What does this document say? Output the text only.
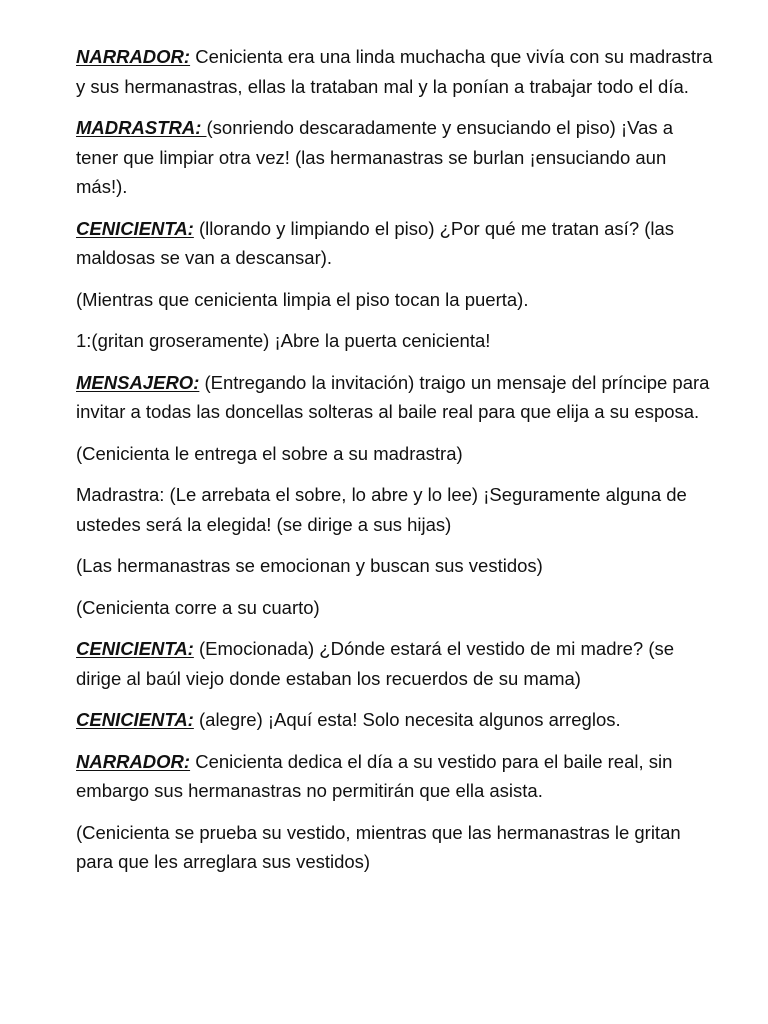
NARRADOR: Cenicienta era una linda muchacha que vivía con su madrastra y sus hermanastras, ellas la trataban mal y la ponían a trabajar todo el día.

MADRASTRA: (sonriendo descaradamente y ensuciando el piso) ¡Vas a tener que limpiar otra vez! (las hermanastras se burlan ¡ensuciando aun más!).

CENICIENTA: (llorando y limpiando el piso) ¿Por qué me tratan así? (las maldosas se van a descansar).

(Mientras que cenicienta limpia el piso tocan la puerta).

1:(gritan groseramente) ¡Abre la puerta cenicienta!

MENSAJERO: (Entregando la invitación) traigo un mensaje del príncipe para invitar a todas las doncellas solteras al baile real para que elija a su esposa.

(Cenicienta le entrega el sobre a su madrastra)

Madrastra: (Le arrebata el sobre, lo abre y lo lee) ¡Seguramente alguna de ustedes será la elegida! (se dirige a sus hijas)

(Las hermanastras se emocionan y buscan sus vestidos)

(Cenicienta corre a su cuarto)

CENICIENTA: (Emocionada) ¿Dónde estará el vestido de mi madre? (se dirige al baúl viejo donde estaban los recuerdos de su mama)

CENICIENTA: (alegre) ¡Aquí esta! Solo necesita algunos arreglos.

NARRADOR: Cenicienta dedica el día a su vestido para el baile real, sin embargo sus hermanastras no permitirán que ella asista.

(Cenicienta se prueba su vestido, mientras que las hermanastras le gritan para que les arreglara sus vestidos)
